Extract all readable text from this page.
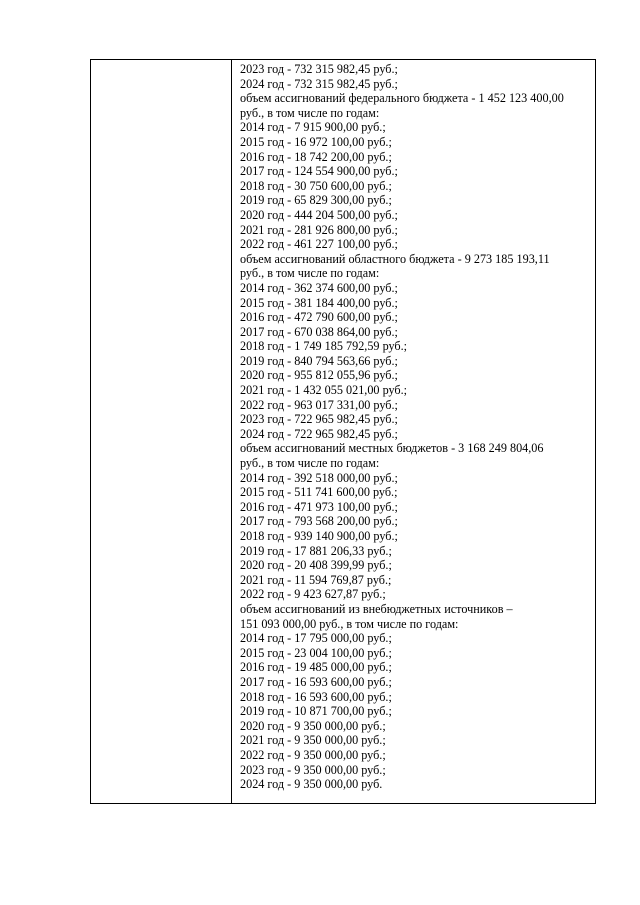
2023 год - 732 315 982,45 руб.;
2024 год - 732 315 982,45 руб.;
объем ассигнований федерального бюджета - 1 452 123 400,00
руб., в том числе по годам:
2014 год - 7 915 900,00 руб.;
2015 год - 16 972 100,00 руб.;
2016 год - 18 742 200,00 руб.;
2017 год - 124 554 900,00 руб.;
2018 год - 30 750 600,00 руб.;
2019 год - 65 829 300,00 руб.;
2020 год - 444 204 500,00 руб.;
2021 год - 281 926 800,00 руб.;
2022 год - 461 227 100,00 руб.;
объем ассигнований областного бюджета - 9 273 185 193,11
руб., в том числе по годам:
2014 год - 362 374 600,00 руб.;
2015 год - 381 184 400,00 руб.;
2016 год - 472 790 600,00 руб.;
2017 год - 670 038 864,00 руб.;
2018 год - 1 749 185 792,59 руб.;
2019 год - 840 794 563,66 руб.;
2020 год - 955 812 055,96 руб.;
2021 год - 1 432 055 021,00 руб.;
2022 год - 963 017 331,00 руб.;
2023 год - 722 965 982,45 руб.;
2024 год - 722 965 982,45 руб.;
объем ассигнований местных бюджетов - 3 168 249 804,06
руб., в том числе по годам:
2014 год - 392 518 000,00 руб.;
2015 год - 511 741 600,00 руб.;
2016 год - 471 973 100,00 руб.;
2017 год - 793 568 200,00 руб.;
2018 год - 939 140 900,00 руб.;
2019 год - 17 881 206,33 руб.;
2020 год - 20 408 399,99 руб.;
2021 год - 11 594 769,87 руб.;
2022 год - 9 423 627,87 руб.;
объем ассигнований из внебюджетных источников –
151 093 000,00 руб., в том числе по годам:
2014 год - 17 795 000,00 руб.;
2015 год - 23 004 100,00 руб.;
2016 год - 19 485 000,00 руб.;
2017 год - 16 593 600,00 руб.;
2018 год - 16 593 600,00 руб.;
2019 год - 10 871 700,00 руб.;
2020 год - 9 350 000,00 руб.;
2021 год - 9 350 000,00 руб.;
2022 год - 9 350 000,00 руб.;
2023 год - 9 350 000,00 руб.;
2024 год - 9 350 000,00 руб.
